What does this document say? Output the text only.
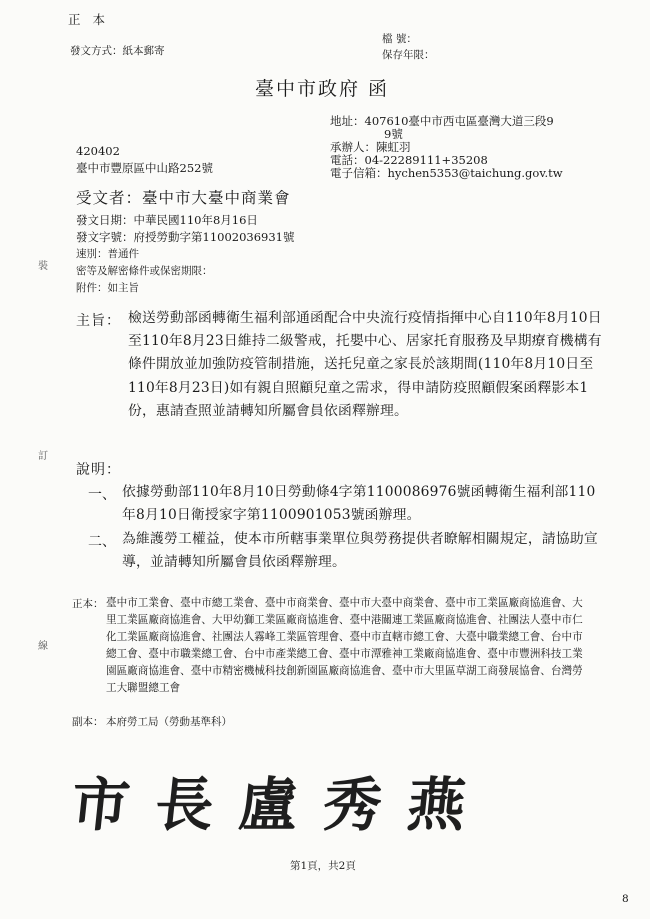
正 本
發文方式：紙本郵寄
檔 號：
保存年限：
臺中市政府 函
地址：407610臺中市西屯區臺灣大道三段9
9號
承辦人：陳虹羽
電話：04-22289111+35208
電子信箱：hychen5353@taichung.gov.tw
420402
臺中市豐原區中山路252號
受文者：臺中市大臺中商業會
發文日期：中華民國110年8月16日
發文字號：府授勞動字第11002036931號
速別：普通件
密等及解密條件或保密期限：
附件：如主旨
裝
訂
線
主旨： 檢送勞動部函轉衛生福利部通函配合中央流行疫情指揮中心自110年8月10日至110年8月23日維持二級警戒，托嬰中心、居家托育服務及早期療育機構有條件開放並加強防疫管制措施，送托兒童之家長於該期間(110年8月10日至110年8月23日)如有親自照顧兒童之需求，得申請防疫照顧假案函釋影本1份，惠請查照並請轉知所屬會員依函釋辦理。
說明：
一、 依據勞動部110年8月10日勞動條4字第1100086976號函轉衛生福利部110年8月10日衛授家字第1100901053號函辦理。
二、 為維護勞工權益，使本市所轄事業單位與勞務提供者瞭解相關規定，請協助宣導，並請轉知所屬會員依函釋辦理。
正本： 臺中市工業會、臺中市總工業會、臺中市商業會、臺中市大臺中商業會、臺中市工業區廠商協進會、大里工業區廠商協進會、大甲幼獅工業區廠商協進會、臺中港關連工業區廠商協進會、社團法人臺中市仁化工業區廠商協進會、社團法人霧峰工業區管理會、臺中市直轄市總工會、大臺中職業總工會、台中市總工會、臺中市職業總工會、台中市產業總工會、臺中市潭雅神工業廠商協進會、臺中市豐洲科技工業園區廠商協進會、臺中市精密機械科技創新園區廠商協進會、臺中市大里區草湖工商發展協會、台灣勞工大聯盟總工會
副本： 本府勞工局（勞動基準科）
市長盧秀燕
第1頁，共2頁
8
